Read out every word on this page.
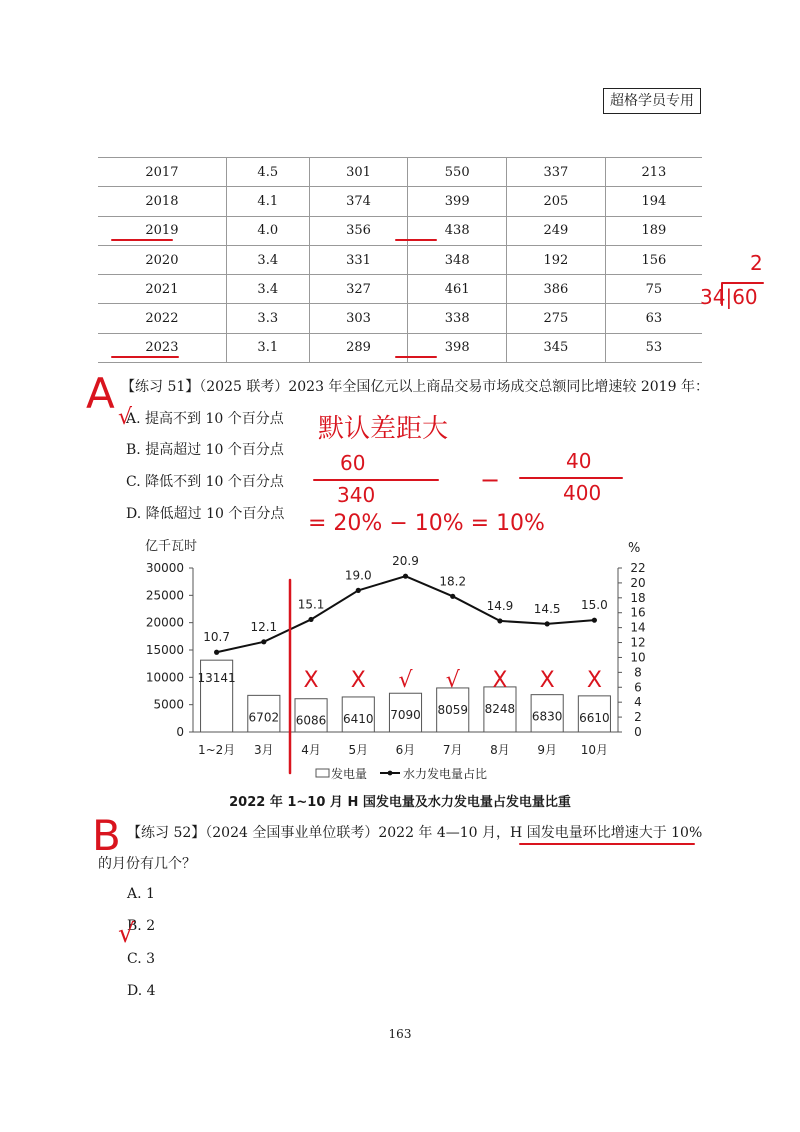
超格学员专用
2017	4.5	301	550	337	213
2018	4.1	374	399	205	194
2019	4.0	356	438	249	189
2020	3.4	331	348	192	156
2021	3.4	327	461	386	75
2022	3.3	303	338	275	63
2023	3.1	289	398	345	53
【练习 51】（2025 联考）2023 年全国亿元以上商品交易市场成交总额同比增速较 2019 年：
A. 提高不到 10 个百分点
B. 提高超过 10 个百分点
C. 降低不到 10 个百分点
D. 降低超过 10 个百分点
亿千瓦时	%
0
5000
10000
15000
20000
25000
30000
0
2
4
6
8
10
12
14
16
18
20
22
13141
6702 6086 6410 7090 8059 8248
6830 6610
1~2月 3月 4月 5月 6月 7月 8月 9月 10月
10.7
12.1
15.1
19.0
20.9
18.2
14.9 14.5 15.0
发电量	水力发电量占比
2022 年 1~10 月 H 国发电量及水力发电量占发电量比重
【练习 52】（2024 全国事业单位联考）2022 年 4—10 月，H 国发电量环比增速大于 10%
的月份有几个？
A. 1
B. 2
C. 3
D. 4
163
A √	默认差距大
60
340
−
40
400
= 20% − 10% = 10%
2
34|60
B
√
X X √ √ X X X
